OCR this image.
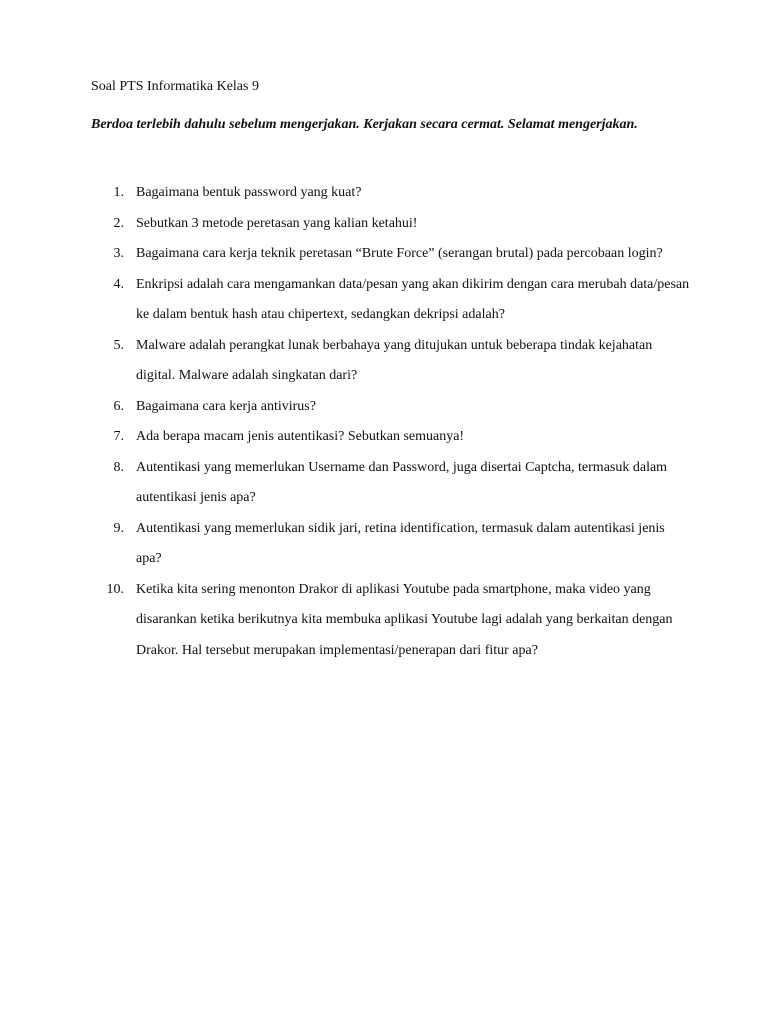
Soal PTS Informatika Kelas 9
Berdoa terlebih dahulu sebelum mengerjakan. Kerjakan secara cermat. Selamat mengerjakan.
1. Bagaimana bentuk password yang kuat?
2. Sebutkan 3 metode peretasan yang kalian ketahui!
3. Bagaimana cara kerja teknik peretasan “Brute Force” (serangan brutal) pada percobaan login?
4. Enkripsi adalah cara mengamankan data/pesan yang akan dikirim dengan cara merubah data/pesan ke dalam bentuk hash atau chipertext, sedangkan dekripsi adalah?
5. Malware adalah perangkat lunak berbahaya yang ditujukan untuk beberapa tindak kejahatan digital. Malware adalah singkatan dari?
6. Bagaimana cara kerja antivirus?
7. Ada berapa macam jenis autentikasi? Sebutkan semuanya!
8. Autentikasi yang memerlukan Username dan Password, juga disertai Captcha, termasuk dalam autentikasi jenis apa?
9. Autentikasi yang memerlukan sidik jari, retina identification, termasuk dalam autentikasi jenis apa?
10. Ketika kita sering menonton Drakor di aplikasi Youtube pada smartphone, maka video yang disarankan ketika berikutnya kita membuka aplikasi Youtube lagi adalah yang berkaitan dengan Drakor. Hal tersebut merupakan implementasi/penerapan dari fitur apa?
